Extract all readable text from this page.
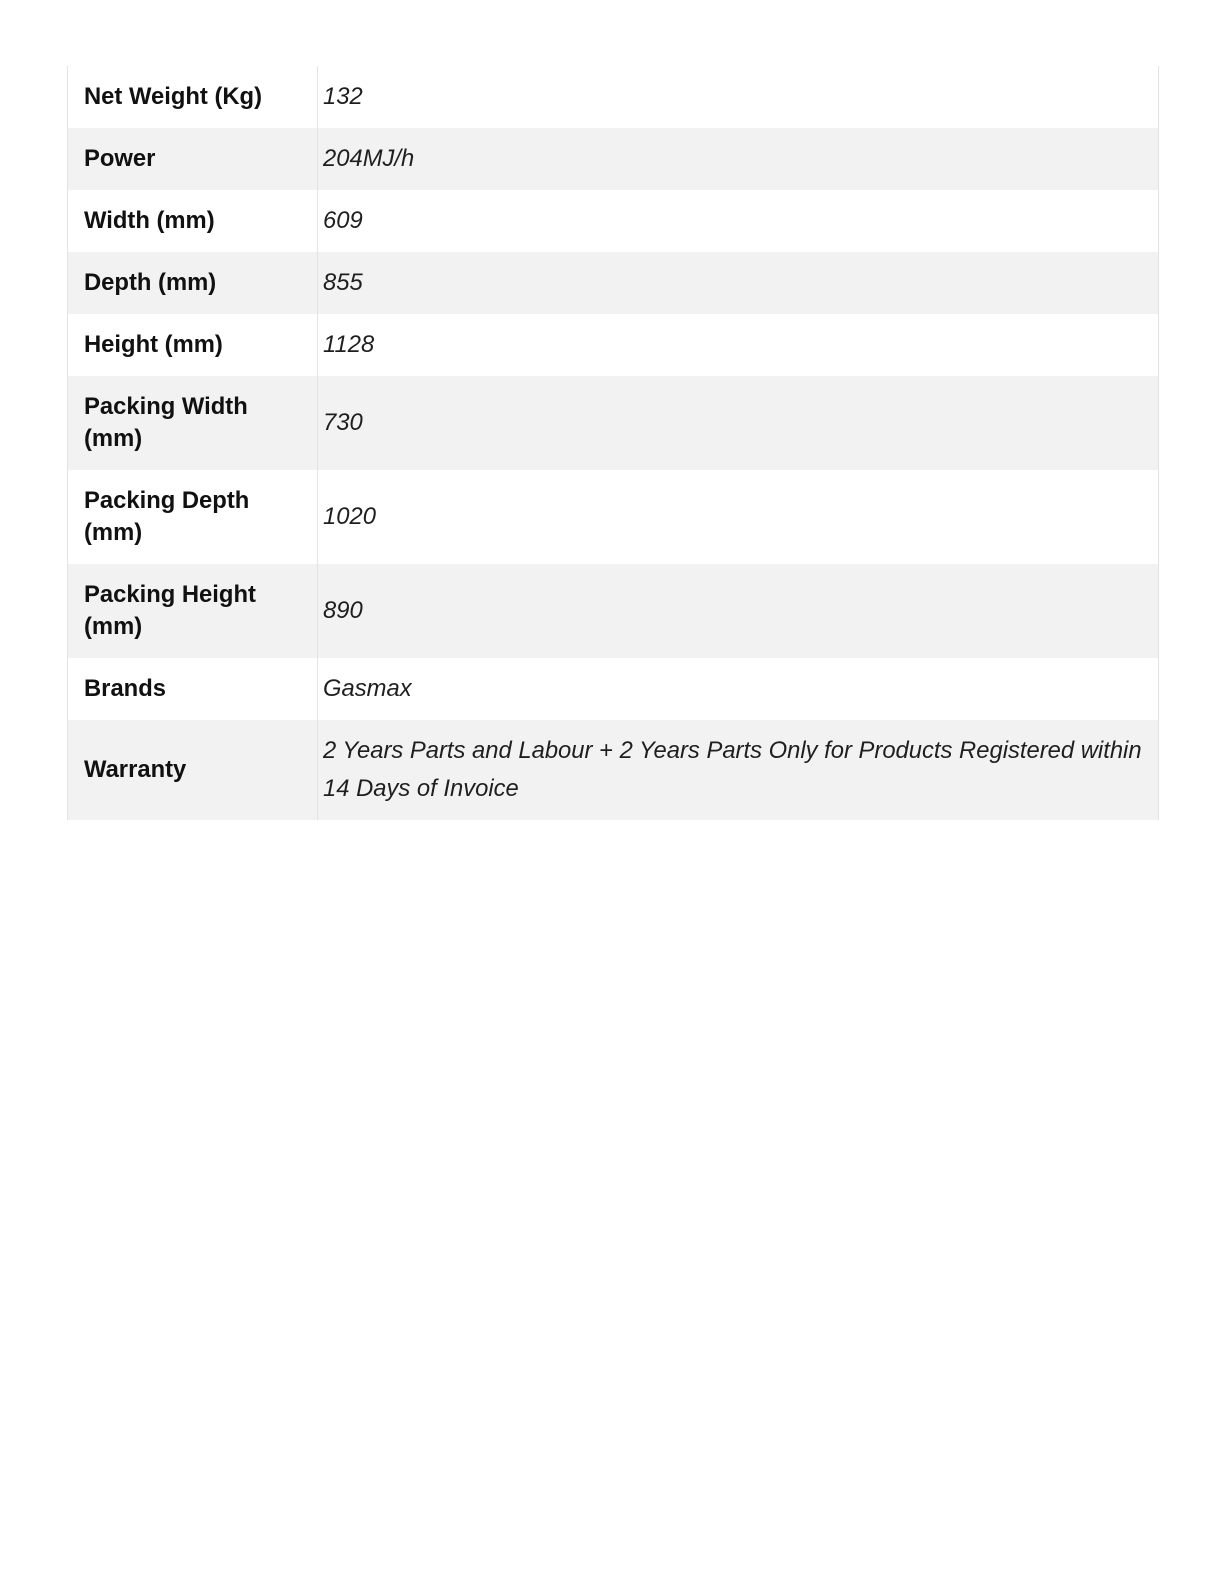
Net Weight (Kg)	132
Power	204MJ/h
Width (mm)	609
Depth (mm)	855
Height (mm)	1128
Packing Width (mm)	730
Packing Depth (mm)	1020
Packing Height (mm)	890
Brands	Gasmax
Warranty	2 Years Parts and Labour + 2 Years Parts Only for Products Registered within 14 Days of Invoice
